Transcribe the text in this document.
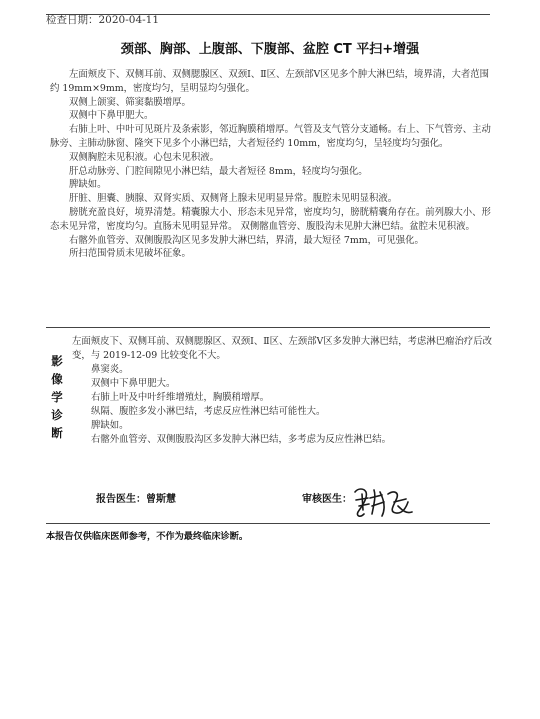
检查日期：2020-04-11
颈部、胸部、上腹部、下腹部、盆腔 CT 平扫+增强

左面颊皮下、双侧耳前、双侧腮腺区、双颈Ⅰ、Ⅱ区、左颈部Ⅴ区见多个肿大淋巴结，境界清，大者范围约 19mm×9mm，密度均匀，呈明显均匀强化。

双侧上颌窦、筛窦黏膜增厚。

双侧中下鼻甲肥大。

右肺上叶、中叶可见斑片及条索影，邻近胸膜稍增厚。气管及支气管分支通畅。右上、下气管旁、主动脉旁、主肺动脉窗、隆突下见多个小淋巴结，大者短径约 10mm，密度均匀，呈轻度均匀强化。

双侧胸腔未见积液。心包未见积液。

肝总动脉旁、门腔间隙见小淋巴结，最大者短径 8mm，轻度均匀强化。

脾缺如。

肝脏、胆囊、胰腺、双肾实质、双侧肾上腺未见明显异常。腹腔未见明显积液。

膀胱充盈良好，境界清楚。精囊腺大小、形态未见异常，密度均匀，膀胱精囊角存在。前列腺大小、形态未见异常，密度均匀。直肠未见明显异常。 双侧髂血管旁、腹股沟未见肿大淋巴结。盆腔未见积液。

右髂外血管旁、双侧腹股沟区见多发肿大淋巴结，界清，最大短径 7mm，可见强化。

所扫范围骨质未见破坏征象。

影
像
学
诊
断

左面颊皮下、双侧耳前、双侧腮腺区、双颈Ⅰ、Ⅱ区、左颈部Ⅴ区多发肿大淋巴结，考虑淋巴瘤治疗后改变，与 2019-12-09 比较变化不大。

鼻窦炎。

双侧中下鼻甲肥大。

右肺上叶及中叶纤维增殖灶，胸膜稍增厚。

纵隔、腹腔多发小淋巴结，考虑反应性淋巴结可能性大。

脾缺如。

右髂外血管旁、双侧腹股沟区多发肿大淋巴结，多考虑为反应性淋巴结。

报告医生：曾斯慧	审核医生：
本报告仅供临床医师参考，不作为最终临床诊断。
